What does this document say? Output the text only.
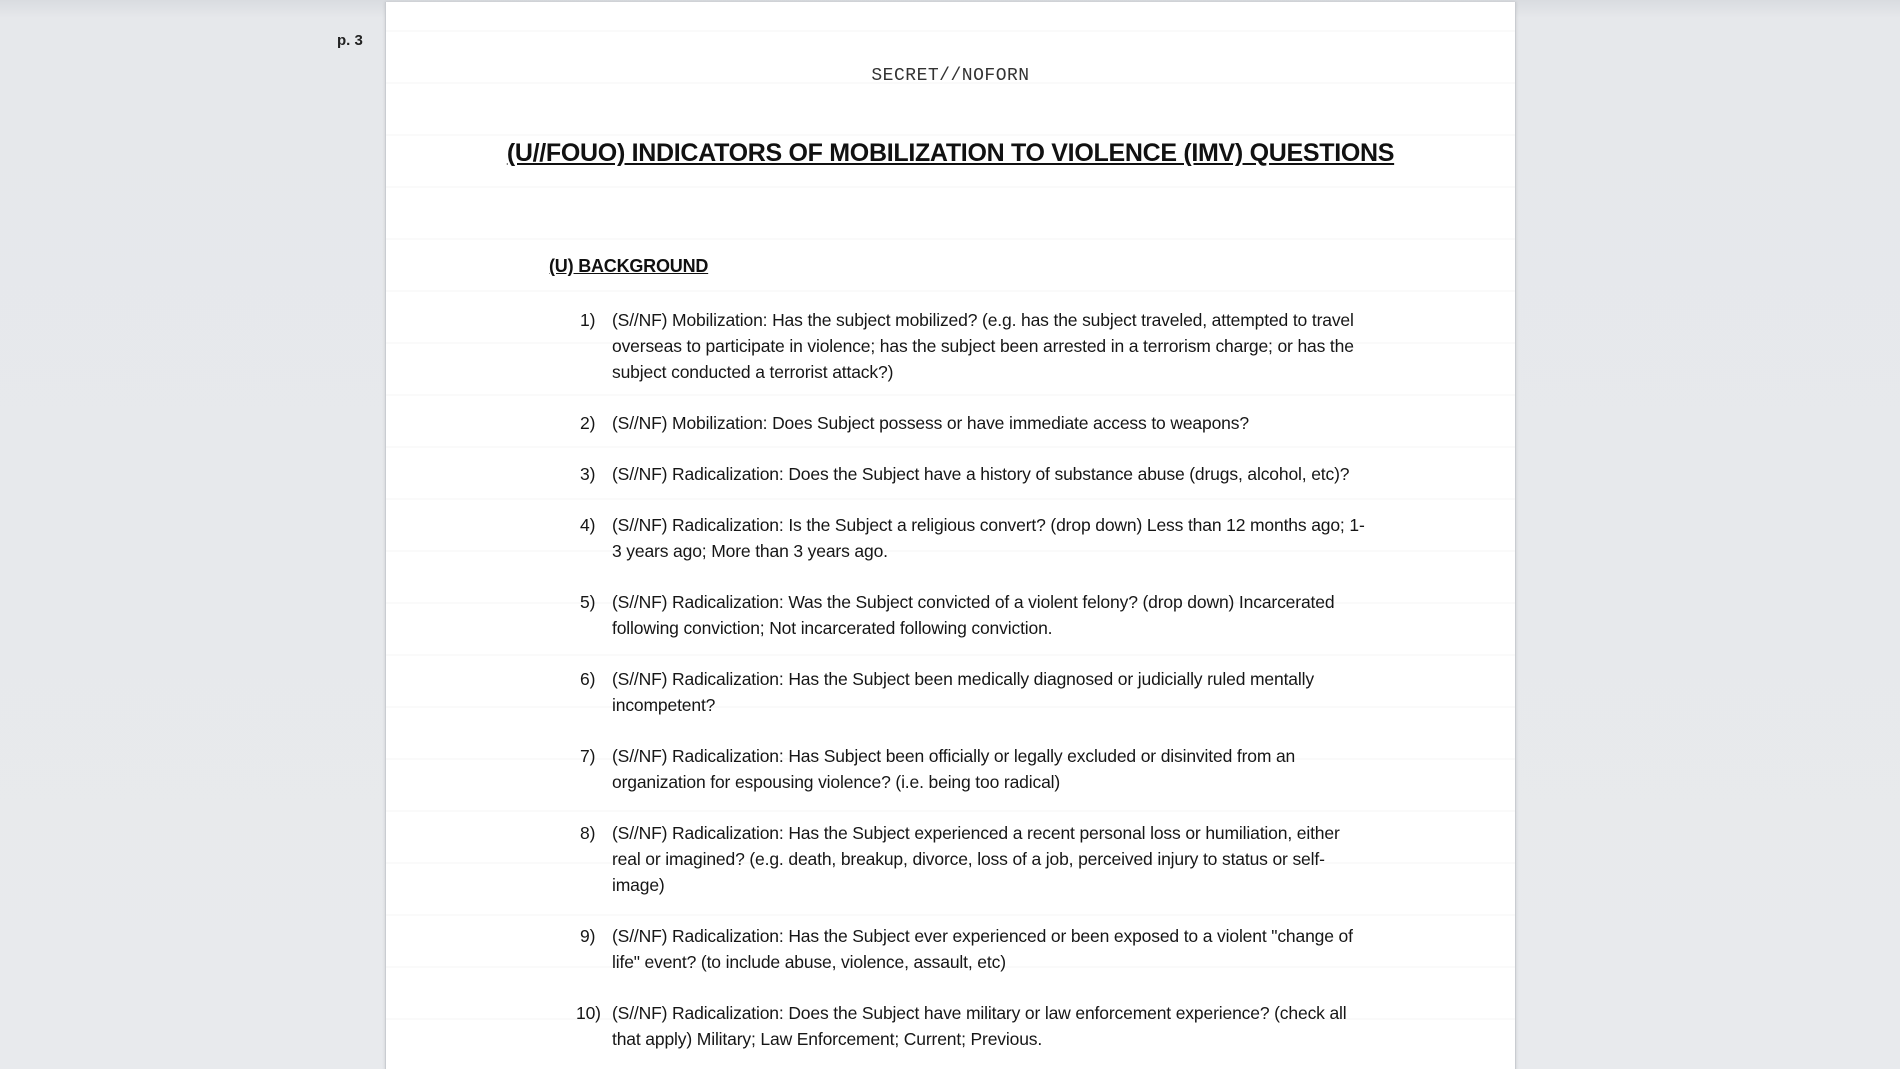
p. 3
SECRET//NOFORN
(U//FOUO) INDICATORS OF MOBILIZATION TO VIOLENCE (IMV) QUESTIONS
(U) BACKGROUND
1) (S//NF) Mobilization: Has the subject mobilized? (e.g. has the subject traveled, attempted to travel overseas to participate in violence; has the subject been arrested in a terrorism charge; or has the subject conducted a terrorist attack?)
2) (S//NF) Mobilization: Does Subject possess or have immediate access to weapons?
3) (S//NF) Radicalization: Does the Subject have a history of substance abuse (drugs, alcohol, etc)?
4) (S//NF) Radicalization: Is the Subject a religious convert? (drop down) Less than 12 months ago; 1-3 years ago; More than 3 years ago.
5) (S//NF) Radicalization: Was the Subject convicted of a violent felony? (drop down) Incarcerated following conviction; Not incarcerated following conviction.
6) (S//NF) Radicalization: Has the Subject been medically diagnosed or judicially ruled mentally incompetent?
7) (S//NF) Radicalization: Has Subject been officially or legally excluded or disinvited from an organization for espousing violence? (i.e. being too radical)
8) (S//NF) Radicalization: Has the Subject experienced a recent personal loss or humiliation, either real or imagined? (e.g. death, breakup, divorce, loss of a job, perceived injury to status or self-image)
9) (S//NF) Radicalization: Has the Subject ever experienced or been exposed to a violent "change of life" event? (to include abuse, violence, assault, etc)
10) (S//NF) Radicalization: Does the Subject have military or law enforcement experience? (check all that apply) Military; Law Enforcement; Current; Previous.
